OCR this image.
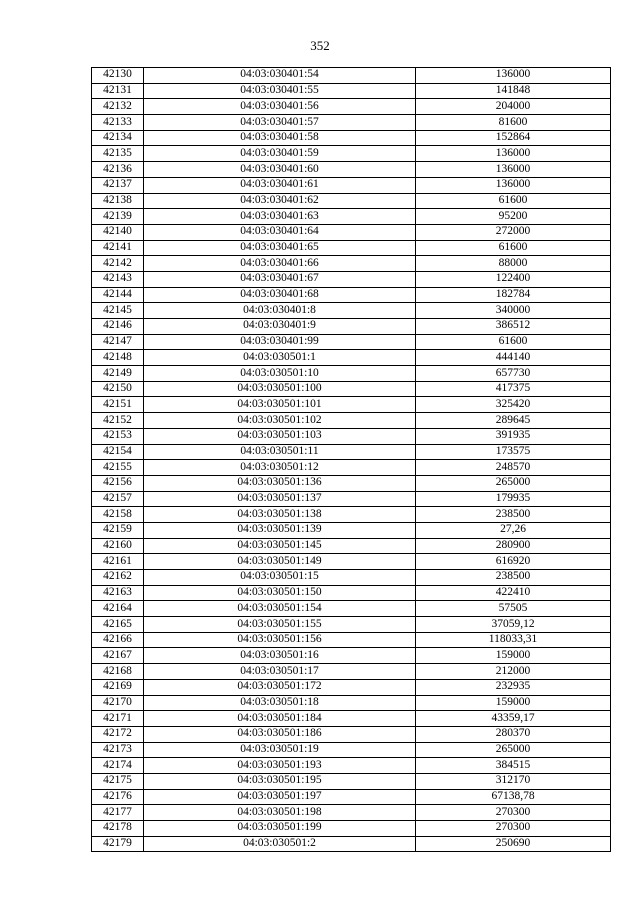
352
42130	04:03:030401:54	136000
42131	04:03:030401:55	141848
42132	04:03:030401:56	204000
42133	04:03:030401:57	81600
42134	04:03:030401:58	152864
42135	04:03:030401:59	136000
42136	04:03:030401:60	136000
42137	04:03:030401:61	136000
42138	04:03:030401:62	61600
42139	04:03:030401:63	95200
42140	04:03:030401:64	272000
42141	04:03:030401:65	61600
42142	04:03:030401:66	88000
42143	04:03:030401:67	122400
42144	04:03:030401:68	182784
42145	04:03:030401:8	340000
42146	04:03:030401:9	386512
42147	04:03:030401:99	61600
42148	04:03:030501:1	444140
42149	04:03:030501:10	657730
42150	04:03:030501:100	417375
42151	04:03:030501:101	325420
42152	04:03:030501:102	289645
42153	04:03:030501:103	391935
42154	04:03:030501:11	173575
42155	04:03:030501:12	248570
42156	04:03:030501:136	265000
42157	04:03:030501:137	179935
42158	04:03:030501:138	238500
42159	04:03:030501:139	27,26
42160	04:03:030501:145	280900
42161	04:03:030501:149	616920
42162	04:03:030501:15	238500
42163	04:03:030501:150	422410
42164	04:03:030501:154	57505
42165	04:03:030501:155	37059,12
42166	04:03:030501:156	118033,31
42167	04:03:030501:16	159000
42168	04:03:030501:17	212000
42169	04:03:030501:172	232935
42170	04:03:030501:18	159000
42171	04:03:030501:184	43359,17
42172	04:03:030501:186	280370
42173	04:03:030501:19	265000
42174	04:03:030501:193	384515
42175	04:03:030501:195	312170
42176	04:03:030501:197	67138,78
42177	04:03:030501:198	270300
42178	04:03:030501:199	270300
42179	04:03:030501:2	250690
